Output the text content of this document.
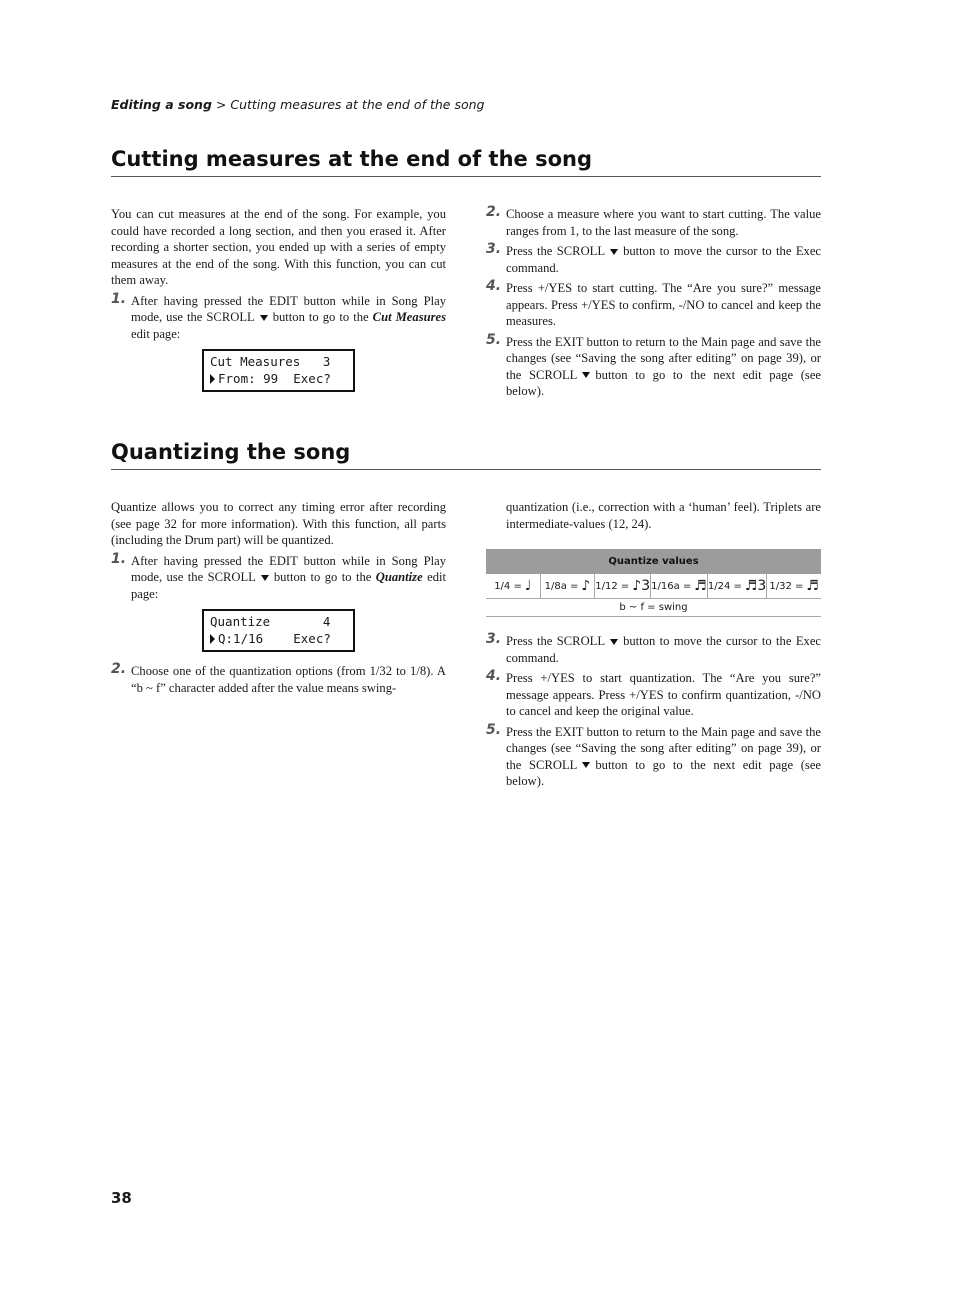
Editing a song > Cutting measures at the end of the song
Cutting measures at the end of the song

You can cut measures at the end of the song. For example, you could have recorded a long section, and then you erased it. After recording a shorter section, you ended up with a series of empty measures at the end of the song. With this function, you can cut them away.

1. After having pressed the EDIT button while in Song Play mode, use the SCROLL button to go to the Cut Measures edit page:
Cut Measures   3
From: 99  Exec?
2. Choose a measure where you want to start cutting. The value ranges from 1, to the last measure of the song.
3. Press the SCROLL button to move the cursor to the Exec command.
4. Press +/YES to start cutting. The “Are you sure?” message appears. Press +/YES to confirm, -/NO to cancel and keep the measures.
5. Press the EXIT button to return to the Main page and save the changes (see “Saving the song after editing” on page 39), or the SCROLL button to go to the next edit page (see below).
Quantizing the song

Quantize allows you to correct any timing error after recording (see page 32 for more information). With this function, all parts (including the Drum part) will be quantized.

1. After having pressed the EDIT button while in Song Play mode, use the SCROLL button to go to the Quantize edit page:
Quantize       4
Q:1/16    Exec?
2. Choose one of the quantization options (from 1/32 to 1/8). A “b ~ f” character added after the value means swing-
quantization (i.e., correction with a ‘human’ feel). Triplets are intermediate-values (12, 24).
Quantize values
1/4 = ♩ 1/8a = ♪ 1/12 = ♪3 1/16a = ♬ 1/24 = ♬3 1/32 = ♬
b ~ f = swing
3. Press the SCROLL button to move the cursor to the Exec command.
4. Press +/YES to start quantization. The “Are you sure?” message appears. Press +/YES to confirm quantization, -/NO to cancel and keep the original value.
5. Press the EXIT button to return to the Main page and save the changes (see “Saving the song after editing” on page 39), or the SCROLL button to go to the next edit page (see below).
38
